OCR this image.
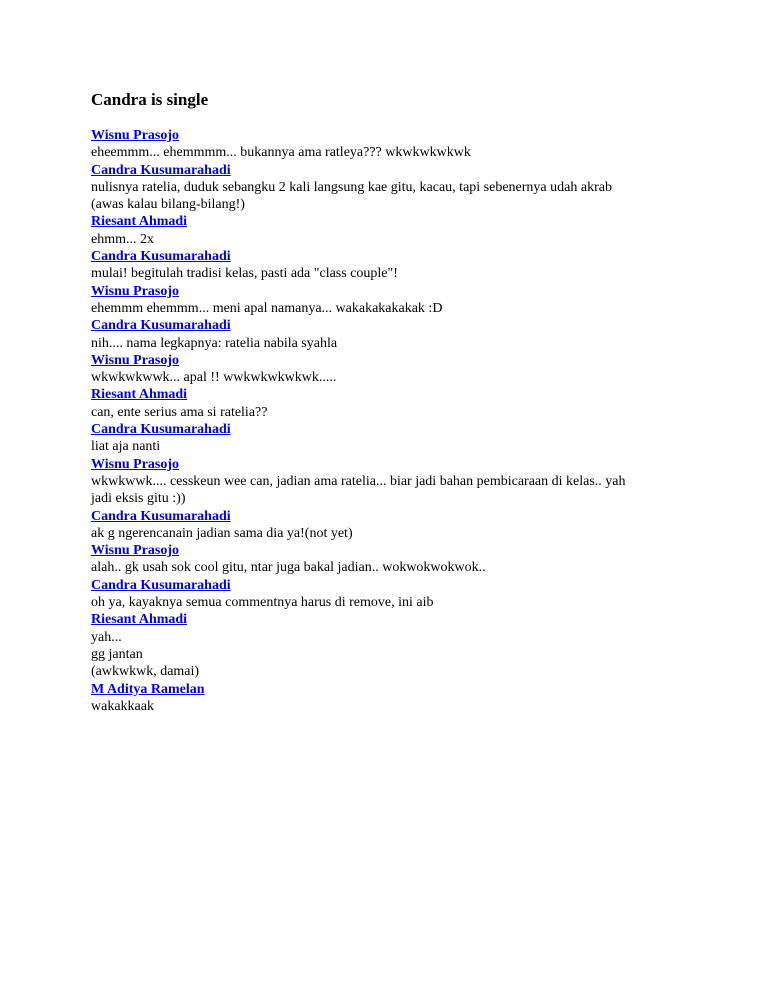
Candra is single
Wisnu Prasojo
eheemmm... ehemmmm... bukannya ama ratleya??? wkwkwkwkwk
Candra Kusumarahadi
nulisnya ratelia, duduk sebangku 2 kali langsung kae gitu, kacau, tapi sebenernya udah akrab
(awas kalau bilang-bilang!)
Riesant Ahmadi
ehmm... 2x
Candra Kusumarahadi
mulai! begitulah tradisi kelas, pasti ada "class couple"!
Wisnu Prasojo
ehemmm ehemmm... meni apal namanya... wakakakakakak :D
Candra Kusumarahadi
nih.... nama legkapnya: ratelia nabila syahla
Wisnu Prasojo
wkwkwkwwk... apal !! wwkwkwkwkwk.....
Riesant Ahmadi
can, ente serius ama si ratelia??
Candra Kusumarahadi
liat aja nanti
Wisnu Prasojo
wkwkwwk.... cesskeun wee can, jadian ama ratelia... biar jadi bahan pembicaraan di kelas.. yah
jadi eksis gitu :))
Candra Kusumarahadi
ak g ngerencanain jadian sama dia ya!(not yet)
Wisnu Prasojo
alah.. gk usah sok cool gitu, ntar juga bakal jadian.. wokwokwokwok..
Candra Kusumarahadi
oh ya, kayaknya semua commentnya harus di remove, ini aib
Riesant Ahmadi
yah...
gg jantan
(awkwkwk, damai)
M Aditya Ramelan
wakakkaak
